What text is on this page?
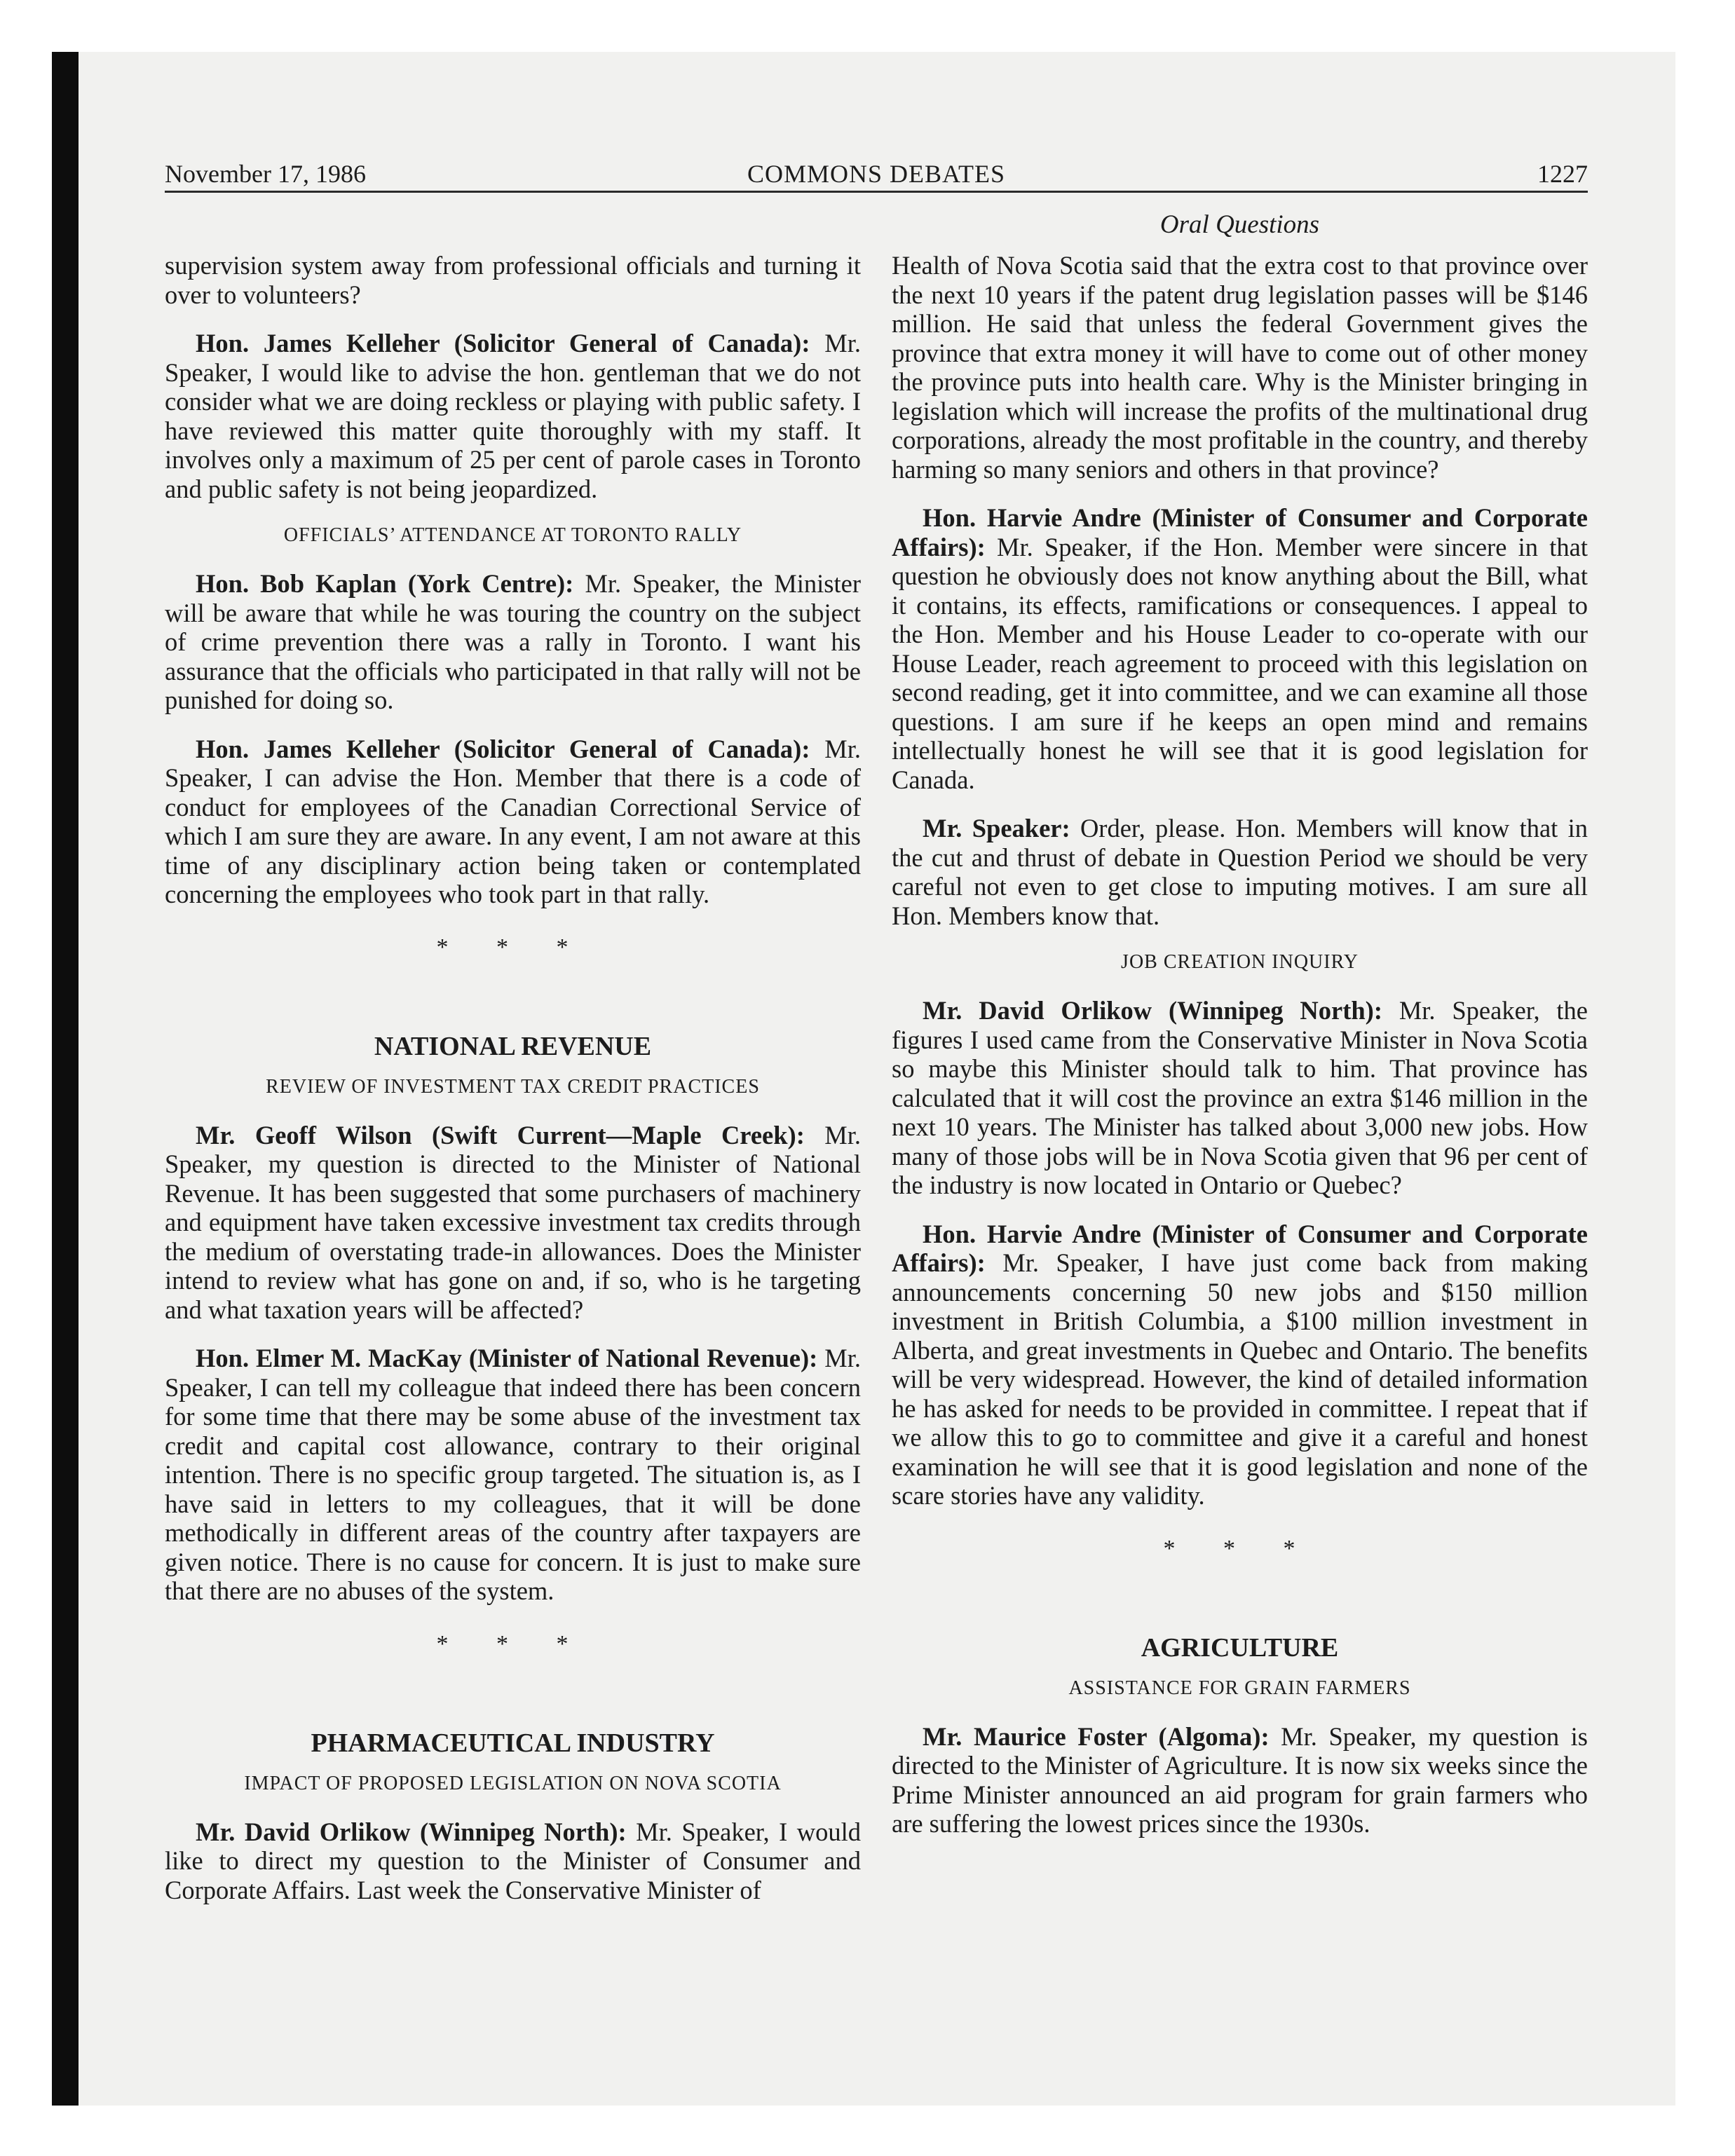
November 17, 1986	COMMONS DEBATES	1227
Oral Questions

supervision system away from professional officials and turning it over to volunteers?

Hon. James Kelleher (Solicitor General of Canada): Mr. Speaker, I would like to advise the hon. gentleman that we do not consider what we are doing reckless or playing with public safety. I have reviewed this matter quite thoroughly with my staff. It involves only a maximum of 25 per cent of parole cases in Toronto and public safety is not being jeopardized.

OFFICIALS’ ATTENDANCE AT TORONTO RALLY

Hon. Bob Kaplan (York Centre): Mr. Speaker, the Minister will be aware that while he was touring the country on the subject of crime prevention there was a rally in Toronto. I want his assurance that the officials who participated in that rally will not be punished for doing so.

Hon. James Kelleher (Solicitor General of Canada): Mr. Speaker, I can advise the Hon. Member that there is a code of conduct for employees of the Canadian Correctional Service of which I am sure they are aware. In any event, I am not aware at this time of any disciplinary action being taken or contemplated concerning the employees who took part in that rally.

* * *
NATIONAL REVENUE
REVIEW OF INVESTMENT TAX CREDIT PRACTICES

Mr. Geoff Wilson (Swift Current—Maple Creek): Mr. Speaker, my question is directed to the Minister of National Revenue. It has been suggested that some purchasers of machinery and equipment have taken excessive investment tax credits through the medium of overstating trade-in allowances. Does the Minister intend to review what has gone on and, if so, who is he targeting and what taxation years will be affected?

Hon. Elmer M. MacKay (Minister of National Revenue): Mr. Speaker, I can tell my colleague that indeed there has been concern for some time that there may be some abuse of the investment tax credit and capital cost allowance, contrary to their original intention. There is no specific group targeted. The situation is, as I have said in letters to my colleagues, that it will be done methodically in different areas of the country after taxpayers are given notice. There is no cause for concern. It is just to make sure that there are no abuses of the system.

* * *
PHARMACEUTICAL INDUSTRY
IMPACT OF PROPOSED LEGISLATION ON NOVA SCOTIA

Mr. David Orlikow (Winnipeg North): Mr. Speaker, I would like to direct my question to the Minister of Consumer and Corporate Affairs. Last week the Conservative Minister of

Health of Nova Scotia said that the extra cost to that province over the next 10 years if the patent drug legislation passes will be $146 million. He said that unless the federal Government gives the province that extra money it will have to come out of other money the province puts into health care. Why is the Minister bringing in legislation which will increase the profits of the multinational drug corporations, already the most profitable in the country, and thereby harming so many seniors and others in that province?

Hon. Harvie Andre (Minister of Consumer and Corporate Affairs): Mr. Speaker, if the Hon. Member were sincere in that question he obviously does not know anything about the Bill, what it contains, its effects, ramifications or consequences. I appeal to the Hon. Member and his House Leader to co-operate with our House Leader, reach agreement to proceed with this legislation on second reading, get it into committee, and we can examine all those questions. I am sure if he keeps an open mind and remains intellectually honest he will see that it is good legislation for Canada.

Mr. Speaker: Order, please. Hon. Members will know that in the cut and thrust of debate in Question Period we should be very careful not even to get close to imputing motives. I am sure all Hon. Members know that.

JOB CREATION INQUIRY

Mr. David Orlikow (Winnipeg North): Mr. Speaker, the figures I used came from the Conservative Minister in Nova Scotia so maybe this Minister should talk to him. That province has calculated that it will cost the province an extra $146 million in the next 10 years. The Minister has talked about 3,000 new jobs. How many of those jobs will be in Nova Scotia given that 96 per cent of the industry is now located in Ontario or Quebec?

Hon. Harvie Andre (Minister of Consumer and Corporate Affairs): Mr. Speaker, I have just come back from making announcements concerning 50 new jobs and $150 million investment in British Columbia, a $100 million investment in Alberta, and great investments in Quebec and Ontario. The benefits will be very widespread. However, the kind of detailed information he has asked for needs to be provided in committee. I repeat that if we allow this to go to committee and give it a careful and honest examination he will see that it is good legislation and none of the scare stories have any validity.

* * *
AGRICULTURE
ASSISTANCE FOR GRAIN FARMERS

Mr. Maurice Foster (Algoma): Mr. Speaker, my question is directed to the Minister of Agriculture. It is now six weeks since the Prime Minister announced an aid program for grain farmers who are suffering the lowest prices since the 1930s.
